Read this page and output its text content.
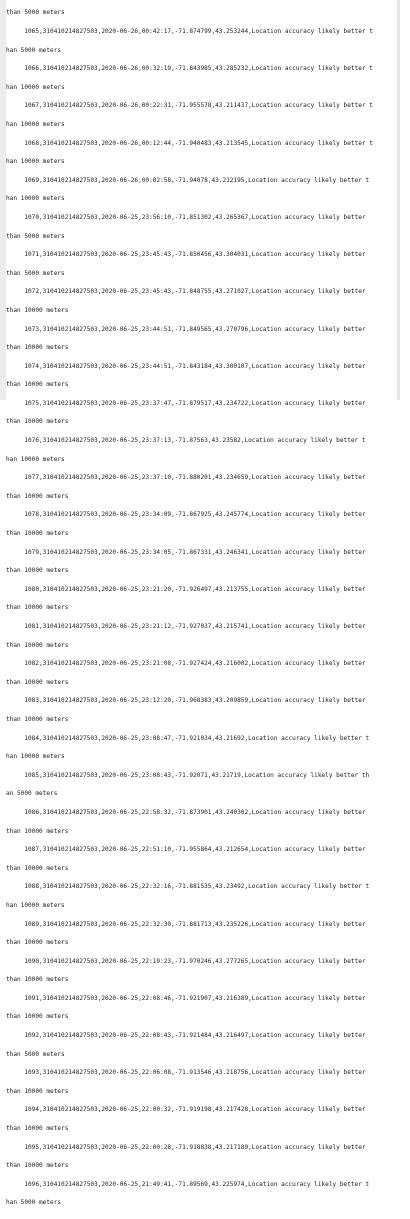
than 5000 meters

1065,310410214827503,2020-06-26,00:42:17,-71.874799,43.253244,Location accuracy likely better t

han 5000 meters

1066,310410214827503,2020-06-26,00:32:19,-71.843985,43.285232,Location accuracy likely better t

han 10000 meters

1067,310410214827503,2020-06-26,00:22:31,-71.955578,43.211437,Location accuracy likely better t

han 10000 meters

1068,310410214827503,2020-06-26,00:12:44,-71.940483,43.213545,Location accuracy likely better t

han 10000 meters

1069,310410214827503,2020-06-26,00:02:58,-71.94078,43.212195,Location accuracy likely better t

han 10000 meters

1070,310410214827503,2020-06-25,23:56:10,-71.851302,43.265367,Location accuracy likely better

than 5000 meters

1071,310410214827503,2020-06-25,23:45:43,-71.850456,43.304031,Location accuracy likely better

than 5000 meters

1072,310410214827503,2020-06-25,23:45:43,-71.848755,43.271027,Location accuracy likely better

than 10000 meters

1073,310410214827503,2020-06-25,23:44:51,-71.849565,43.270796,Location accuracy likely better

than 10000 meters

1074,310410214827503,2020-06-25,23:44:51,-71.843184,43.300107,Location accuracy likely better

than 10000 meters

1075,310410214827503,2020-06-25,23:37:47,-71.879517,43.234722,Location accuracy likely better

than 10000 meters

1076,310410214827503,2020-06-25,23:37:13,-71.87563,43.23582,Location accuracy likely better t

han 10000 meters

1077,310410214827503,2020-06-25,23:37:10,-71.880201,43.234659,Location accuracy likely better

than 10000 meters

1078,310410214827503,2020-06-25,23:34:09,-71.867925,43.245774,Location accuracy likely better

than 10000 meters

1079,310410214827503,2020-06-25,23:34:05,-71.867331,43.246341,Location accuracy likely better

than 10000 meters

1080,310410214827503,2020-06-25,23:21:20,-71.926497,43.213755,Location accuracy likely better

than 10000 meters

1081,310410214827503,2020-06-25,23:21:12,-71.927037,43.215741,Location accuracy likely better

than 10000 meters

1082,310410214827503,2020-06-25,23:21:08,-71.927424,43.216002,Location accuracy likely better

than 10000 meters

1083,310410214827503,2020-06-25,23:12:20,-71.968383,43.209859,Location accuracy likely better

than 10000 meters

1084,310410214827503,2020-06-25,23:08:47,-71.921034,43.21692,Location accuracy likely better t

han 10000 meters

1085,310410214827503,2020-06-25,23:08:43,-71.92071,43.21719,Location accuracy likely better th

an 5000 meters

1086,310410214827503,2020-06-25,22:58:32,-71.873901,43.240302,Location accuracy likely better

than 10000 meters

1087,310410214827503,2020-06-25,22:51:10,-71.955864,43.212654,Location accuracy likely better

than 10000 meters

1088,310410214827503,2020-06-25,22:32:16,-71.881535,43.23492,Location accuracy likely better t

han 10000 meters

1089,310410214827503,2020-06-25,22:32:30,-71.881713,43.235226,Location accuracy likely better

than 10000 meters

1090,310410214827503,2020-06-25,22:19:23,-71.970246,43.277265,Location accuracy likely better

than 10000 meters

1091,310410214827503,2020-06-25,22:08:46,-71.921907,43.216389,Location accuracy likely better

than 10000 meters

1092,310410214827503,2020-06-25,22:08:43,-71.921484,43.216497,Location accuracy likely better

than 5000 meters

1093,310410214827503,2020-06-25,22:06:08,-71.913546,43.218756,Location accuracy likely better

than 10000 meters

1094,310410214827503,2020-06-25,22:00:32,-71.919198,43.217428,Location accuracy likely better

than 10000 meters

1095,310410214827503,2020-06-25,22:00:28,-71.918838,43.217189,Location accuracy likely better

than 10000 meters

1096,310410214827503,2020-06-25,21:49:41,-71.89569,43.225974,Location accuracy likely better t

han 5000 meters
